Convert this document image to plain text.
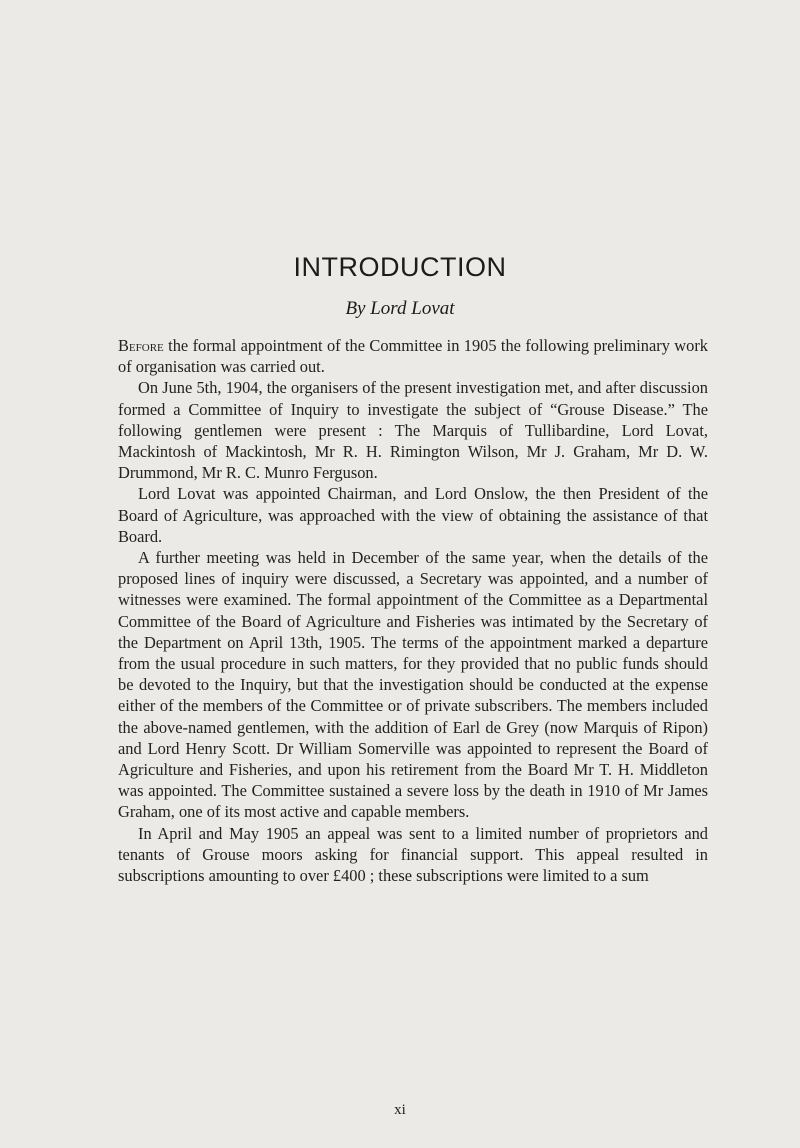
INTRODUCTION
By Lord Lovat

Before the formal appointment of the Committee in 1905 the following preliminary work of organisation was carried out.

On June 5th, 1904, the organisers of the present investigation met, and after discussion formed a Committee of Inquiry to investigate the subject of “Grouse Disease.” The following gentlemen were present : The Marquis of Tullibardine, Lord Lovat, Mackintosh of Mackintosh, Mr R. H. Rimington Wilson, Mr J. Graham, Mr D. W. Drummond, Mr R. C. Munro Ferguson.

Lord Lovat was appointed Chairman, and Lord Onslow, the then President of the Board of Agriculture, was approached with the view of obtaining the assistance of that Board.

A further meeting was held in December of the same year, when the details of the proposed lines of inquiry were discussed, a Secretary was appointed, and a number of witnesses were examined. The formal appointment of the Committee as a Departmental Committee of the Board of Agriculture and Fisheries was intimated by the Secretary of the Department on April 13th, 1905. The terms of the appointment marked a departure from the usual procedure in such matters, for they provided that no public funds should be devoted to the Inquiry, but that the investigation should be conducted at the expense either of the members of the Committee or of private subscribers. The members included the above-named gentlemen, with the addition of Earl de Grey (now Marquis of Ripon) and Lord Henry Scott. Dr William Somerville was appointed to represent the Board of Agriculture and Fisheries, and upon his retirement from the Board Mr T. H. Middleton was appointed. The Committee sustained a severe loss by the death in 1910 of Mr James Graham, one of its most active and capable members.

In April and May 1905 an appeal was sent to a limited number of proprietors and tenants of Grouse moors asking for financial support. This appeal resulted in subscriptions amounting to over £400 ; these subscriptions were limited to a sum

xi
